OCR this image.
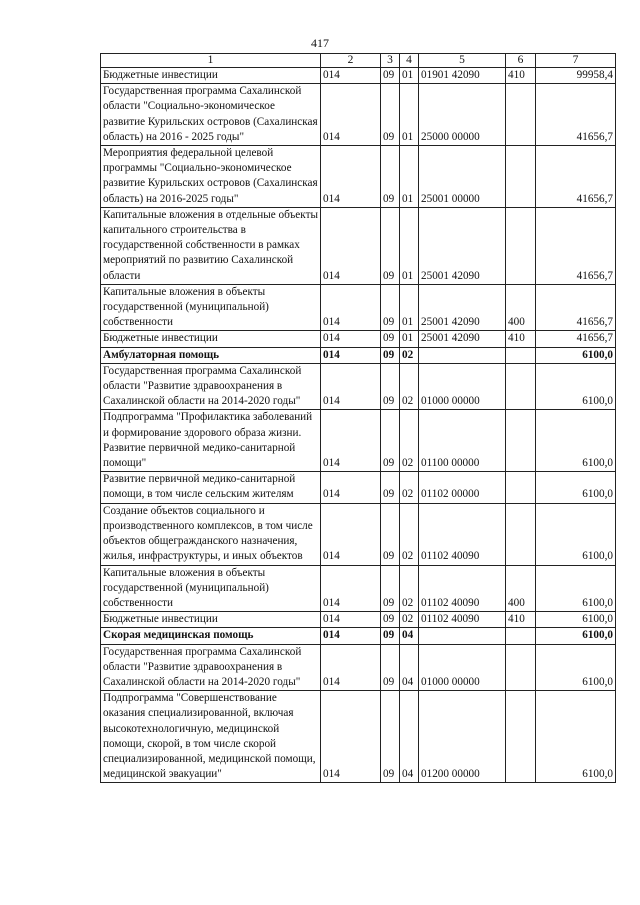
417
1	2	3	4	5	6	7
Бюджетные инвестиции	014	09	01	01901 42090	410	99958,4
Государственная программа Сахалинской области "Социально-экономическое развитие Курильских островов (Сахалинская область) на 2016 - 2025 годы"	014	09	01	25000 00000		41656,7
Мероприятия федеральной целевой программы "Социально-экономическое развитие Курильских островов (Сахалинская область) на 2016-2025 годы"	014	09	01	25001 00000		41656,7
Капитальные вложения в отдельные объекты капитального строительства в государственной собственности в рамках мероприятий по развитию Сахалинской области	014	09	01	25001 42090		41656,7
Капитальные вложения в объекты государственной (муниципальной) собственности	014	09	01	25001 42090	400	41656,7
Бюджетные инвестиции	014	09	01	25001 42090	410	41656,7
Амбулаторная помощь	014	09	02			6100,0
Государственная программа Сахалинской области "Развитие здравоохранения в Сахалинской области на 2014-2020 годы"	014	09	02	01000 00000		6100,0
Подпрограмма "Профилактика заболеваний и формирование здорового образа жизни. Развитие первичной медико-санитарной помощи"	014	09	02	01100 00000		6100,0
Развитие первичной медико-санитарной помощи, в том числе сельским жителям	014	09	02	01102 00000		6100,0
Создание объектов социального и производственного комплексов, в том числе объектов общегражданского назначения, жилья, инфраструктуры, и иных объектов	014	09	02	01102 40090		6100,0
Капитальные вложения в объекты государственной (муниципальной) собственности	014	09	02	01102 40090	400	6100,0
Бюджетные инвестиции	014	09	02	01102 40090	410	6100,0
Скорая медицинская помощь	014	09	04			6100,0
Государственная программа Сахалинской области "Развитие здравоохранения в Сахалинской области на 2014-2020 годы"	014	09	04	01000 00000		6100,0
Подпрограмма "Совершенствование оказания специализированной, включая высокотехнологичную, медицинской помощи, скорой, в том числе скорой специализированной, медицинской помощи, медицинской эвакуации"	014	09	04	01200 00000		6100,0
